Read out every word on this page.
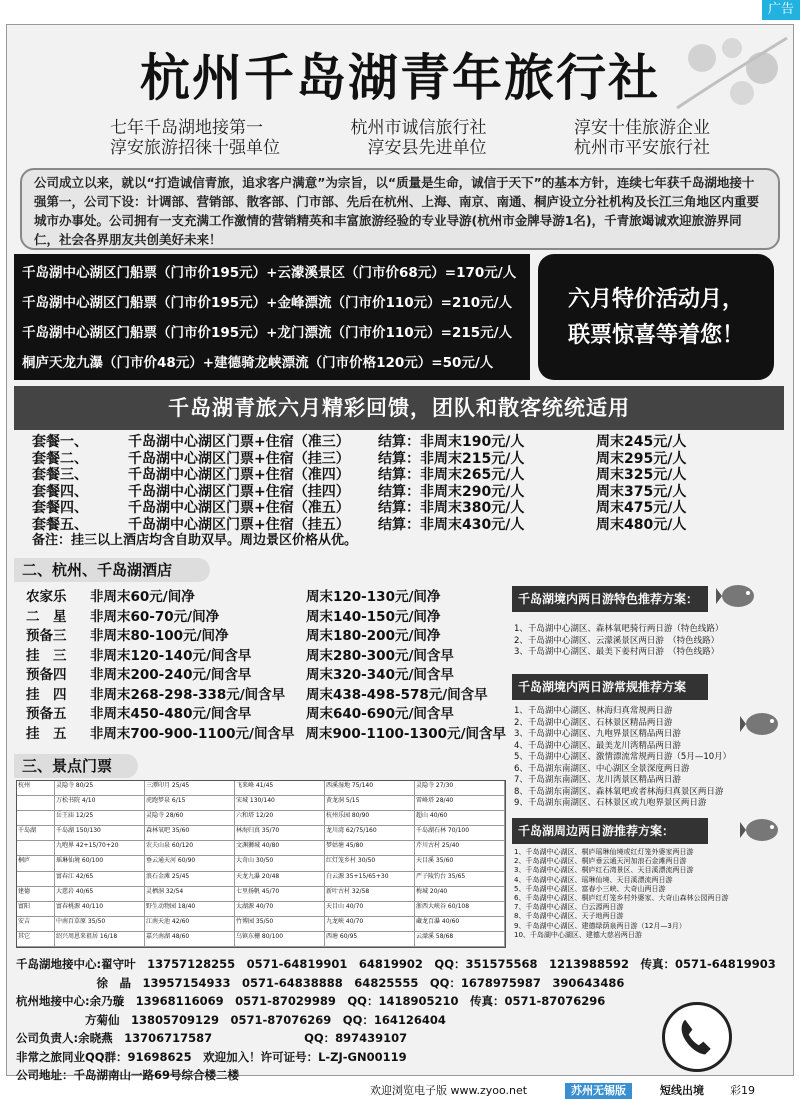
广告
杭州千岛湖青年旅行社
七年千岛湖地接第一	杭州市诚信旅行社	淳安十佳旅游企业
淳安旅游招徕十强单位	淳安县先进单位	杭州市平安旅行社
公司成立以来，就以“打造诚信青旅，追求客户满意”为宗旨，以“质量是生命，诚信于天下”的基本方针，连续七年获千岛湖地接十强第一，公司下设：计调部、营销部、散客部、门市部、先后在杭州、上海、南京、南通、桐庐设立分社机构及长江三角地区内重要城市办事处。公司拥有一支充满工作激情的营销精英和丰富旅游经验的专业导游(杭州市金牌导游1名)，千青旅竭诚欢迎旅游界同仁，社会各界朋友共创美好未来！
千岛湖中心湖区门船票（门市价195元）+云濛溪景区（门市价68元）=170元/人
千岛湖中心湖区门船票（门市价195元）+金峰漂流（门市价110元）=210元/人
千岛湖中心湖区门船票（门市价195元）+龙门漂流（门市价110元）=215元/人
桐庐天龙九瀑（门市价48元）+建德骑龙峡漂流（门市价格120元）=50元/人
六月特价活动月，
联票惊喜等着您！
千岛湖青旅六月精彩回馈，团队和散客统统适用
套餐一、	千岛湖中心湖区门票+住宿（准三）	结算：非周末190元/人	周末245元/人
套餐二、	千岛湖中心湖区门票+住宿（挂三）	结算：非周末215元/人	周末295元/人
套餐三、	千岛湖中心湖区门票+住宿（准四）	结算：非周末265元/人	周末325元/人
套餐四、	千岛湖中心湖区门票+住宿（挂四）	结算：非周末290元/人	周末375元/人
套餐四、	千岛湖中心湖区门票+住宿（准五）	结算：非周末380元/人	周末475元/人
套餐五、	千岛湖中心湖区门票+住宿（挂五）	结算：非周末430元/人	周末480元/人
备注：挂三以上酒店均含自助双早。周边景区价格从优。
二、杭州、千岛湖酒店
农家乐	非周末60元/间净	周末120-130元/间净
二　星	非周末60-70元/间净	周末140-150元/间净
预备三	非周末80-100元/间净	周末180-200元/间净
挂　三	非周末120-140元/间含早	周末280-300元/间含早
预备四	非周末200-240元/间含早	周末320-340元/间含早
挂　四	非周末268-298-338元/间含早	周末438-498-578元/间含早
预备五	非周末450-480元/间含早	周末640-690元/间含早
挂　五	非周末700-900-1100元/间含早 周末900-1100-1300元/间含早
三、景点门票
杭州	灵隐寺 80/25	三潭印月 25/45	飞来峰 41/45	西溪湿地 75/140	灵隐寺 27/30
万松书院 4/10	虎跑梦泉 6/15	宋城 130/140	黄龙洞 5/15	雷峰塔 28/40
岳王庙 12/25	灵隐寺 28/60	六和塔 12/20	杭州乐园 80/90	超山 40/60
千岛湖	千岛湖 150/130	森林氧吧 35/60	林海归真 35/70	龙川湾 62/75/160	千岛湖石林 70/100
九咆界 42+15/70+20	农夫山泉 60/120	文渊狮城 40/80	梦姑塘 45/80	芹川古村 25/40
桐庐	瑶琳仙境 60/100	垂云通天河 60/90	大奇山 30/50	红灯笼乡村 30/50	天目溪 35/60
富春江 42/65	浪石金滩 25/45	天龙九瀑 20/48	白云源 35+15/65+30	严子陵钓台 35/65
建德	大慈岩 40/65	灵栖洞 32/54	七里扬帆 45/70	新叶古村 32/58	梅城 20/40
富阳	富春桃源 40/110	野生动物园 18/40	太湖源 40/70	天目山 40/70	浙西大峡谷 60/108
安吉	中南百草原 35/50	江南天池 42/60	竹博园 35/50	九龙峡 40/70	藏龙百瀑 40/60
其它	绍兴周恩来祖居 16/18	嘉兴南湖 48/60	乌镇东栅 80/100	西塘 60/95	云濛溪 58/68
千岛湖境内两日游特色推荐方案：
1、千岛湖中心湖区、森林氧吧骑行两日游（特色线路）
2、千岛湖中心湖区、云濛溪景区两日游　（特色线路）
3、千岛湖中心湖区、最美下姜村两日游　（特色线路）
千岛湖境内两日游常规推荐方案
1、千岛湖中心湖区、林海归真常规两日游
2、千岛湖中心湖区、石林景区精品两日游
3、千岛湖中心湖区、九咆界景区精品两日游
4、千岛湖中心湖区、最美龙川湾精品两日游
5、千岛湖中心湖区、激情漂流常规两日游（5月—10月）
6、千岛湖东南湖区、中心湖区全景深度两日游
7、千岛湖东南湖区、龙川湾景区精品两日游
8、千岛湖东南湖区、森林氧吧或者林海归真景区两日游
9、千岛湖东南湖区、石林景区或九咆界景区两日游
千岛湖周边两日游推荐方案：
1、千岛湖中心湖区、桐庐瑶琳仙境或红灯笼外婆家两日游
2、千岛湖中心湖区、桐庐垂云通天河加浪石金滩两日游
3、千岛湖中心湖区、桐庐红石湾景区、天目溪漂流两日游
4、千岛湖中心湖区、瑶琳仙境、天目溪漂流两日游
5、千岛湖中心湖区、富春小三峡、大奇山两日游
6、千岛湖中心湖区、桐庐红灯笼乡村外婆家、大奇山森林公园两日游
7、千岛湖中心湖区、白云源两日游
8、千岛湖中心湖区、天子地两日游
9、千岛湖中心湖区、建德绿荫泉两日游（12月—3月）
10、千岛湖中心湖区、建德大慈岩两日游
千岛湖地接中心:翟守叶　13757128255　0571-64819901　64819902　QQ：351575568　1213988592　传真：0571-64819903
　　　　　　　徐　晶　13957154933　0571-64838888　64825555　QQ：1678975987　390643486
杭州地接中心:余乃璇　13968116069　0571-87029989　QQ：1418905210　传真：0571-87076296
　　　　　　方菊仙　13805709129　0571-87076269　QQ：164126404
公司负责人:余晓燕　13706717587　　　　　　　　QQ：897439107
非常之旅同业QQ群：91698625　欢迎加入！许可证号：L-ZJ-GN00119
公司地址：千岛湖南山一路69号综合楼二楼
欢迎浏览电子版 www.zyoo.net	苏州无锡版	短线出境 彩19
